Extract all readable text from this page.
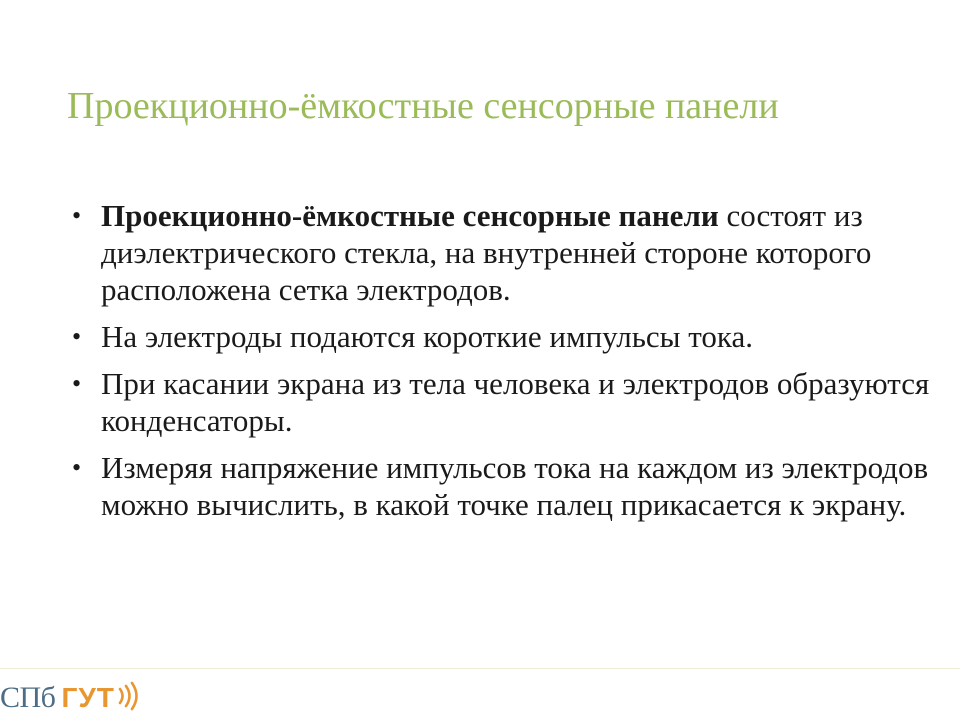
Проекционно-ёмкостные сенсорные панели
• Проекционно-ёмкостные сенсорные панели состоят из диэлектрического стекла, на внутренней стороне которого расположена сетка электродов.
• На электроды подаются короткие импульсы тока.
• При касании экрана из тела человека и электродов образуются конденсаторы.
• Измеряя напряжение импульсов тока на каждом из электродов можно вычислить, в какой точке палец прикасается к экрану.
СПб ГУТ
